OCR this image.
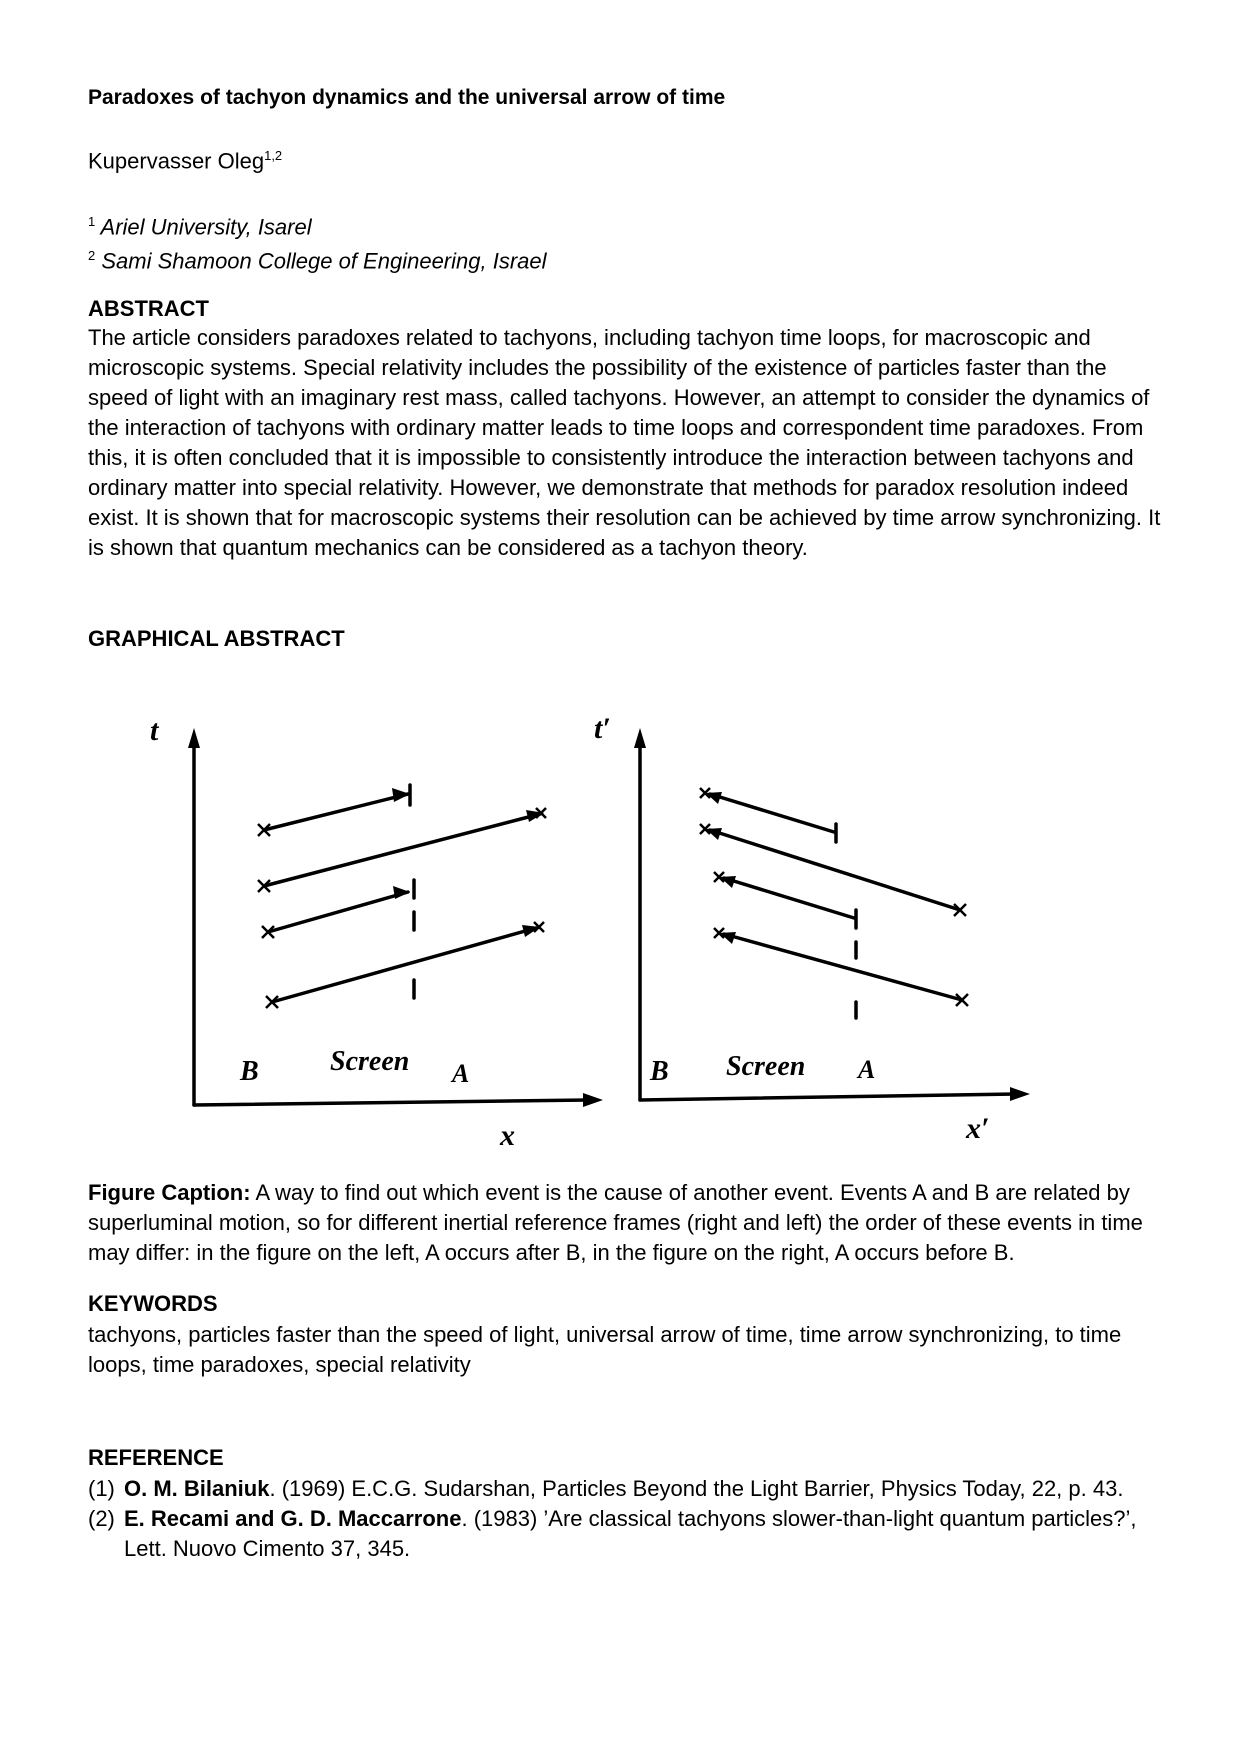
Paradoxes of tachyon dynamics and the universal arrow of time
Kupervasser Oleg$^{1,2}$
$^1$ Ariel University, Isarel
$^2$ Sami Shamoon College of Engineering, Israel
ABSTRACT
The article considers paradoxes related to tachyons, including tachyon time loops, for macroscopic and microscopic systems. Special relativity includes the possibility of the existence of particles faster than the speed of light with an imaginary rest mass, called tachyons. However, an attempt to consider the dynamics of the interaction of tachyons with ordinary matter leads to time loops and correspondent time paradoxes. From this, it is often concluded that it is impossible to consistently introduce the interaction between tachyons and ordinary matter into special relativity. However, we demonstrate that methods for paradox resolution indeed exist. It is shown that for macroscopic systems their resolution can be achieved by time arrow synchronizing. It is shown that quantum mechanics can be considered as a tachyon theory.
GRAPHICAL ABSTRACT
t
x
B	Screen A
t′
x′
B Screen A
Figure Caption: A way to find out which event is the cause of another event. Events A and B are related by superluminal motion, so for different inertial reference frames (right and left) the order of these events in time may differ: in the figure on the left, A occurs after B, in the figure on the right, A occurs before B.
KEYWORDS
tachyons, particles faster than the speed of light, universal arrow of time, time arrow synchronizing, to time loops, time paradoxes, special relativity
REFERENCE
(1) O. M. Bilaniuk. (1969) E.C.G. Sudarshan, Particles Beyond the Light Barrier, Physics Today, 22, p. 43.
(2) E. Recami and G. D. Maccarrone. (1983) ’Are classical tachyons slower-than-light quantum particles?’, Lett. Nuovo Cimento 37, 345.
